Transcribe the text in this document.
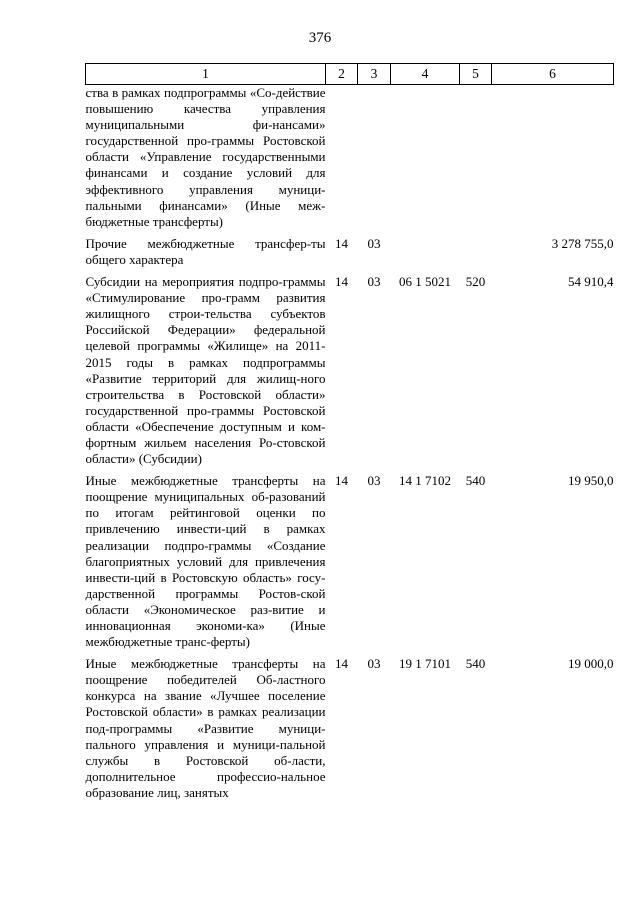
376
1	2	3	4	5	6
ства в рамках подпрограммы «Со-действие повышению качества управления муниципальными фи-нансами» государственной про-граммы Ростовской области «Управление государственными финансами и создание условий для эффективного управления муници-пальными финансами» (Иные меж-бюджетные трансферты)					
Прочие межбюджетные трансфер-ты общего характера	14	03			3 278 755,0
Субсидии на мероприятия подпро-граммы «Стимулирование про-грамм развития жилищного строи-тельства субъектов Российской Федерации» федеральной целевой программы «Жилище» на 2011-2015 годы в рамках подпрограммы «Развитие территорий для жилищ-ного строительства в Ростовской области» государственной про-граммы Ростовской области «Обеспечение доступным и ком-фортным жильем населения Ро-стовской области» (Субсидии)	14	03	06 1 5021	520	54 910,4
Иные межбюджетные трансферты на поощрение муниципальных об-разований по итогам рейтинговой оценки по привлечению инвести-ций в рамках реализации подпро-граммы «Создание благоприятных условий для привлечения инвести-ций в Ростовскую область» госу-дарственной программы Ростов-ской области «Экономическое раз-витие и инновационная экономи-ка» (Иные межбюджетные транс-ферты)	14	03	14 1 7102	540	19 950,0
Иные межбюджетные трансферты на поощрение победителей Об-ластного конкурса на звание «Лучшее поселение Ростовской области» в рамках реализации под-программы «Развитие муници-пального управления и муници-пальной службы в Ростовской об-ласти, дополнительное профессио-нальное образование лиц, занятых	14	03	19 1 7101	540	19 000,0
